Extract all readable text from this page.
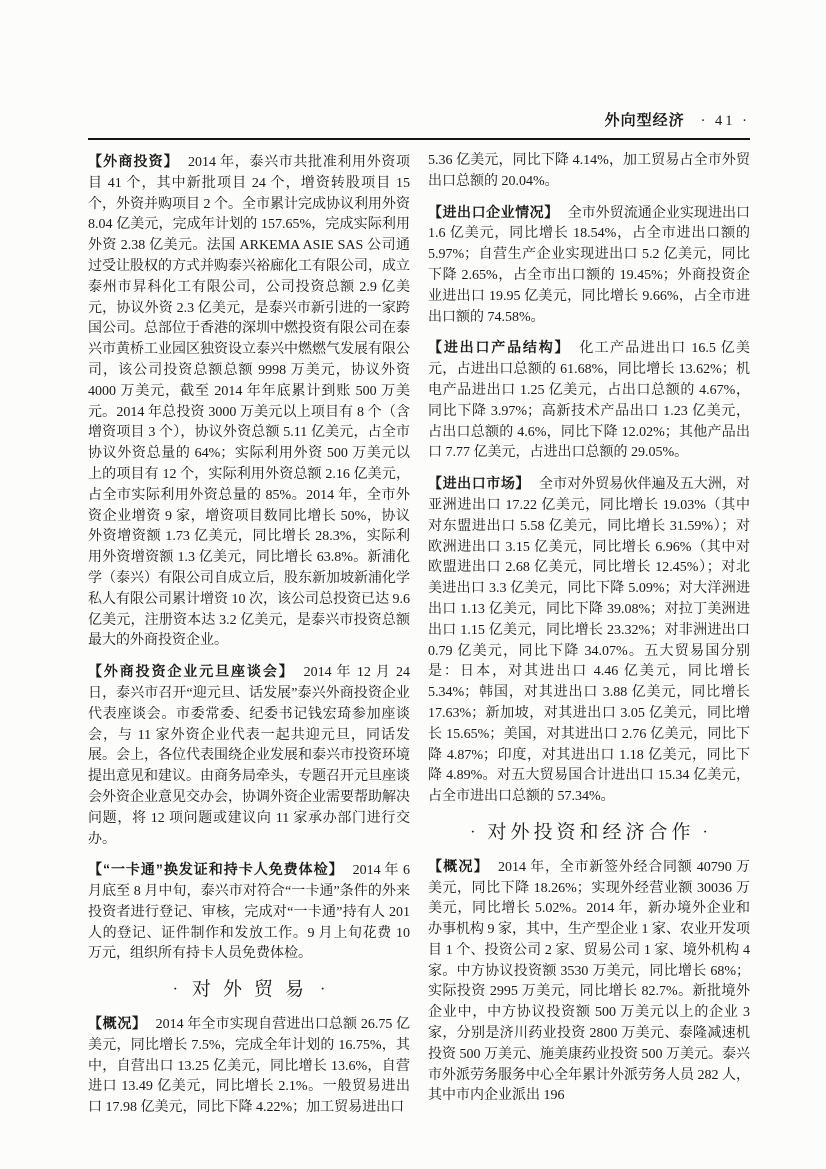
外向型经济 · 41 ·

【外商投资】 2014 年，泰兴市共批准利用外资项目 41 个，其中新批项目 24 个，增资转股项目 15 个，外资并购项目 2 个。全市累计完成协议利用外资 8.04 亿美元，完成年计划的 157.65%，完成实际利用外资 2.38 亿美元。法国 ARKEMA ASIE SAS 公司通过受让股权的方式并购泰兴裕廊化工有限公司，成立泰州市昇科化工有限公司，公司投资总额 2.9 亿美元，协议外资 2.3 亿美元，是泰兴市新引进的一家跨国公司。总部位于香港的深圳中燃投资有限公司在泰兴市黄桥工业园区独资设立泰兴中燃燃气发展有限公司，该公司投资总额总额 9998 万美元，协议外资 4000 万美元，截至 2014 年年底累计到账 500 万美元。2014 年总投资 3000 万美元以上项目有 8 个（含增资项目 3 个），协议外资总额 5.11 亿美元，占全市协议外资总量的 64%；实际利用外资 500 万美元以上的项目有 12 个，实际利用外资总额 2.16 亿美元，占全市实际利用外资总量的 85%。2014 年，全市外资企业增资 9 家，增资项目数同比增长 50%，协议外资增资额 1.73 亿美元，同比增长 28.3%，实际利用外资增资额 1.3 亿美元，同比增长 63.8%。新浦化学（泰兴）有限公司自成立后，股东新加坡新浦化学私人有限公司累计增资 10 次，该公司总投资已达 9.6 亿美元，注册资本达 3.2 亿美元，是泰兴市投资总额最大的外商投资企业。

【外商投资企业元旦座谈会】 2014 年 12 月 24 日，泰兴市召开“迎元旦、话发展”泰兴外商投资企业代表座谈会。市委常委、纪委书记钱宏琦参加座谈会，与 11 家外资企业代表一起共迎元旦，同话发展。会上，各位代表围绕企业发展和泰兴市投资环境提出意见和建议。由商务局牵头，专题召开元旦座谈会外资企业意见交办会，协调外资企业需要帮助解决问题，将 12 项问题或建议向 11 家承办部门进行交办。

【“一卡通”换发证和持卡人免费体检】 2014 年 6 月底至 8 月中旬，泰兴市对符合“一卡通”条件的外来投资者进行登记、审核，完成对“一卡通”持有人 201 人的登记、证件制作和发放工作。9 月上旬花费 10 万元，组织所有持卡人员免费体检。

· 对外贸易 ·

【概况】 2014 年全市实现自营进出口总额 26.75 亿美元，同比增长 7.5%，完成全年计划的 16.75%，其中，自营出口 13.25 亿美元，同比增长 13.6%，自营进口 13.49 亿美元，同比增长 2.1%。一般贸易进出口 17.98 亿美元，同比下降 4.22%；加工贸易进出口

5.36 亿美元，同比下降 4.14%，加工贸易占全市外贸出口总额的 20.04%。

【进出口企业情况】 全市外贸流通企业实现进出口 1.6 亿美元，同比增长 18.54%，占全市进出口额的 5.97%；自营生产企业实现进出口 5.2 亿美元，同比下降 2.65%，占全市出口额的 19.45%；外商投资企业进出口 19.95 亿美元，同比增长 9.66%，占全市进出口额的 74.58%。

【进出口产品结构】 化工产品进出口 16.5 亿美元，占进出口总额的 61.68%，同比增长 13.62%；机电产品进出口 1.25 亿美元，占出口总额的 4.67%，同比下降 3.97%；高新技术产品出口 1.23 亿美元，占出口总额的 4.6%，同比下降 12.02%；其他产品出口 7.77 亿美元，占进出口总额的 29.05%。

【进出口市场】 全市对外贸易伙伴遍及五大洲，对亚洲进出口 17.22 亿美元，同比增长 19.03%（其中对东盟进出口 5.58 亿美元，同比增长 31.59%）；对欧洲进出口 3.15 亿美元，同比增长 6.96%（其中对欧盟进出口 2.68 亿美元，同比增长 12.45%）；对北美进出口 3.3 亿美元，同比下降 5.09%；对大洋洲进出口 1.13 亿美元，同比下降 39.08%；对拉丁美洲进出口 1.15 亿美元，同比增长 23.32%；对非洲进出口 0.79 亿美元，同比下降 34.07%。五大贸易国分别是：日本，对其进出口 4.46 亿美元，同比增长 5.34%；韩国，对其进出口 3.88 亿美元，同比增长 17.63%；新加坡，对其进出口 3.05 亿美元，同比增长 15.65%；美国，对其进出口 2.76 亿美元，同比下降 4.87%；印度，对其进出口 1.18 亿美元，同比下降 4.89%。对五大贸易国合计进出口 15.34 亿美元，占全市进出口总额的 57.34%。

· 对外投资和经济合作 ·

【概况】 2014 年，全市新签外经合同额 40790 万美元，同比下降 18.26%；实现外经营业额 30036 万美元，同比增长 5.02%。2014 年，新办境外企业和办事机构 9 家，其中，生产型企业 1 家、农业开发项目 1 个、投资公司 2 家、贸易公司 1 家、境外机构 4 家。中方协议投资额 3530 万美元，同比增长 68%；实际投资 2995 万美元，同比增长 82.7%。新批境外企业中，中方协议投资额 500 万美元以上的企业 3 家，分别是济川药业投资 2800 万美元、泰隆减速机投资 500 万美元、施美康药业投资 500 万美元。泰兴市外派劳务服务中心全年累计外派劳务人员 282 人，其中市内企业派出 196
